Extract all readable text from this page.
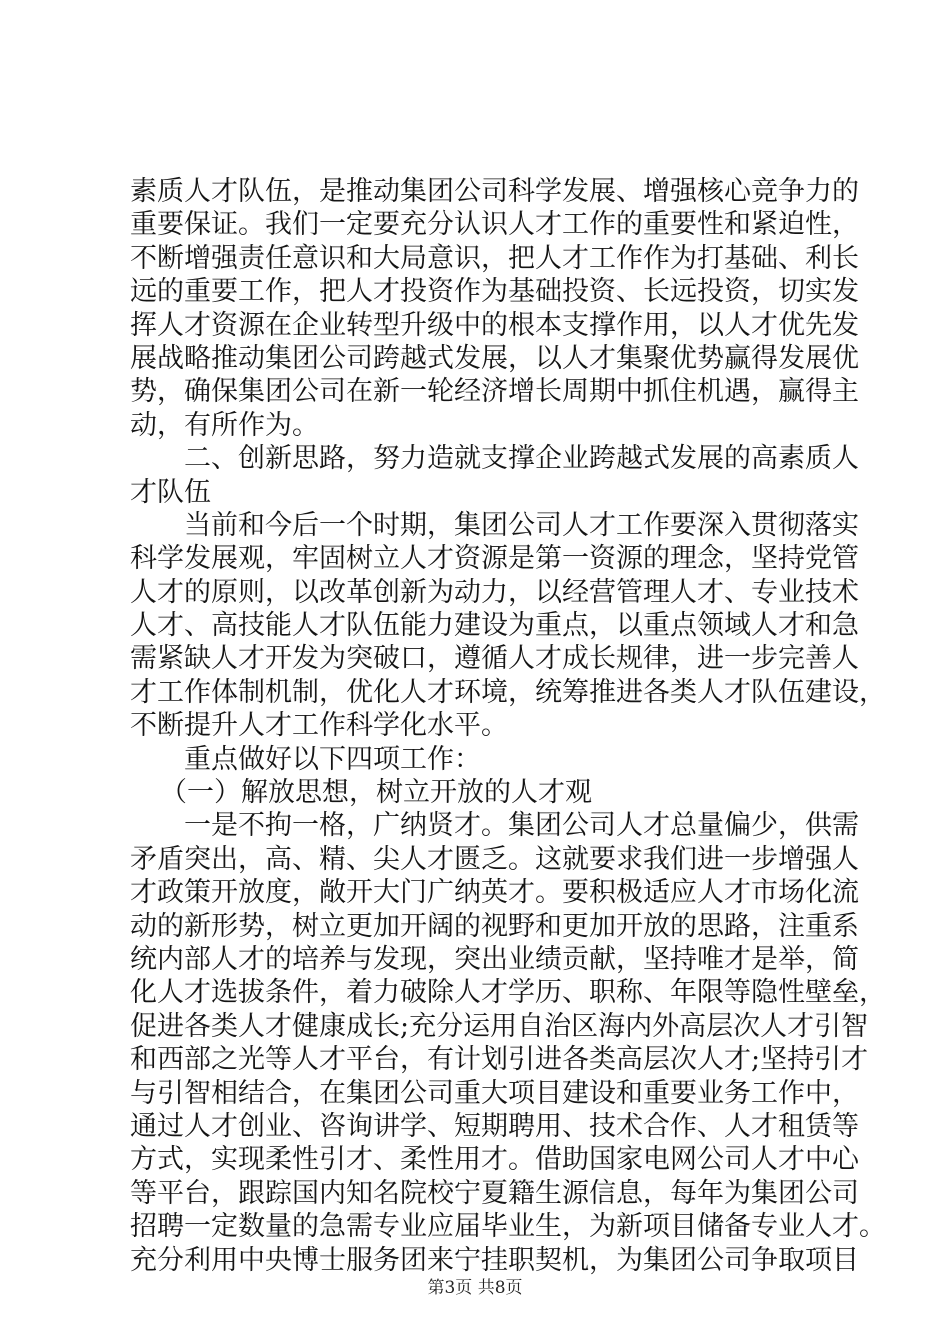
素质人才队伍，是推动集团公司科学发展、增强核心竞争力的
重要保证。我们一定要充分认识人才工作的重要性和紧迫性，
不断增强责任意识和大局意识，把人才工作作为打基础、利长
远的重要工作，把人才投资作为基础投资、长远投资，切实发
挥人才资源在企业转型升级中的根本支撑作用，以人才优先发
展战略推动集团公司跨越式发展，以人才集聚优势赢得发展优
势，确保集团公司在新一轮经济增长周期中抓住机遇，赢得主
动，有所作为。
二、创新思路，努力造就支撑企业跨越式发展的高素质人
才队伍
当前和今后一个时期，集团公司人才工作要深入贯彻落实
科学发展观，牢固树立人才资源是第一资源的理念，坚持党管
人才的原则，以改革创新为动力，以经营管理人才、专业技术
人才、高技能人才队伍能力建设为重点，以重点领域人才和急
需紧缺人才开发为突破口，遵循人才成长规律，进一步完善人
才工作体制机制，优化人才环境，统筹推进各类人才队伍建设，
不断提升人才工作科学化水平。
重点做好以下四项工作：
（一）解放思想，树立开放的人才观
一是不拘一格，广纳贤才。集团公司人才总量偏少，供需
矛盾突出，高、精、尖人才匮乏。这就要求我们进一步增强人
才政策开放度，敞开大门广纳英才。要积极适应人才市场化流
动的新形势，树立更加开阔的视野和更加开放的思路，注重系
统内部人才的培养与发现，突出业绩贡献，坚持唯才是举，简
化人才选拔条件，着力破除人才学历、职称、年限等隐性壁垒，
促进各类人才健康成长;充分运用自治区海内外高层次人才引智
和西部之光等人才平台，有计划引进各类高层次人才;坚持引才
与引智相结合，在集团公司重大项目建设和重要业务工作中，
通过人才创业、咨询讲学、短期聘用、技术合作、人才租赁等
方式，实现柔性引才、柔性用才。借助国家电网公司人才中心
等平台，跟踪国内知名院校宁夏籍生源信息，每年为集团公司
招聘一定数量的急需专业应届毕业生，为新项目储备专业人才。
充分利用中央博士服务团来宁挂职契机，为集团公司争取项目
第3页 共8页
